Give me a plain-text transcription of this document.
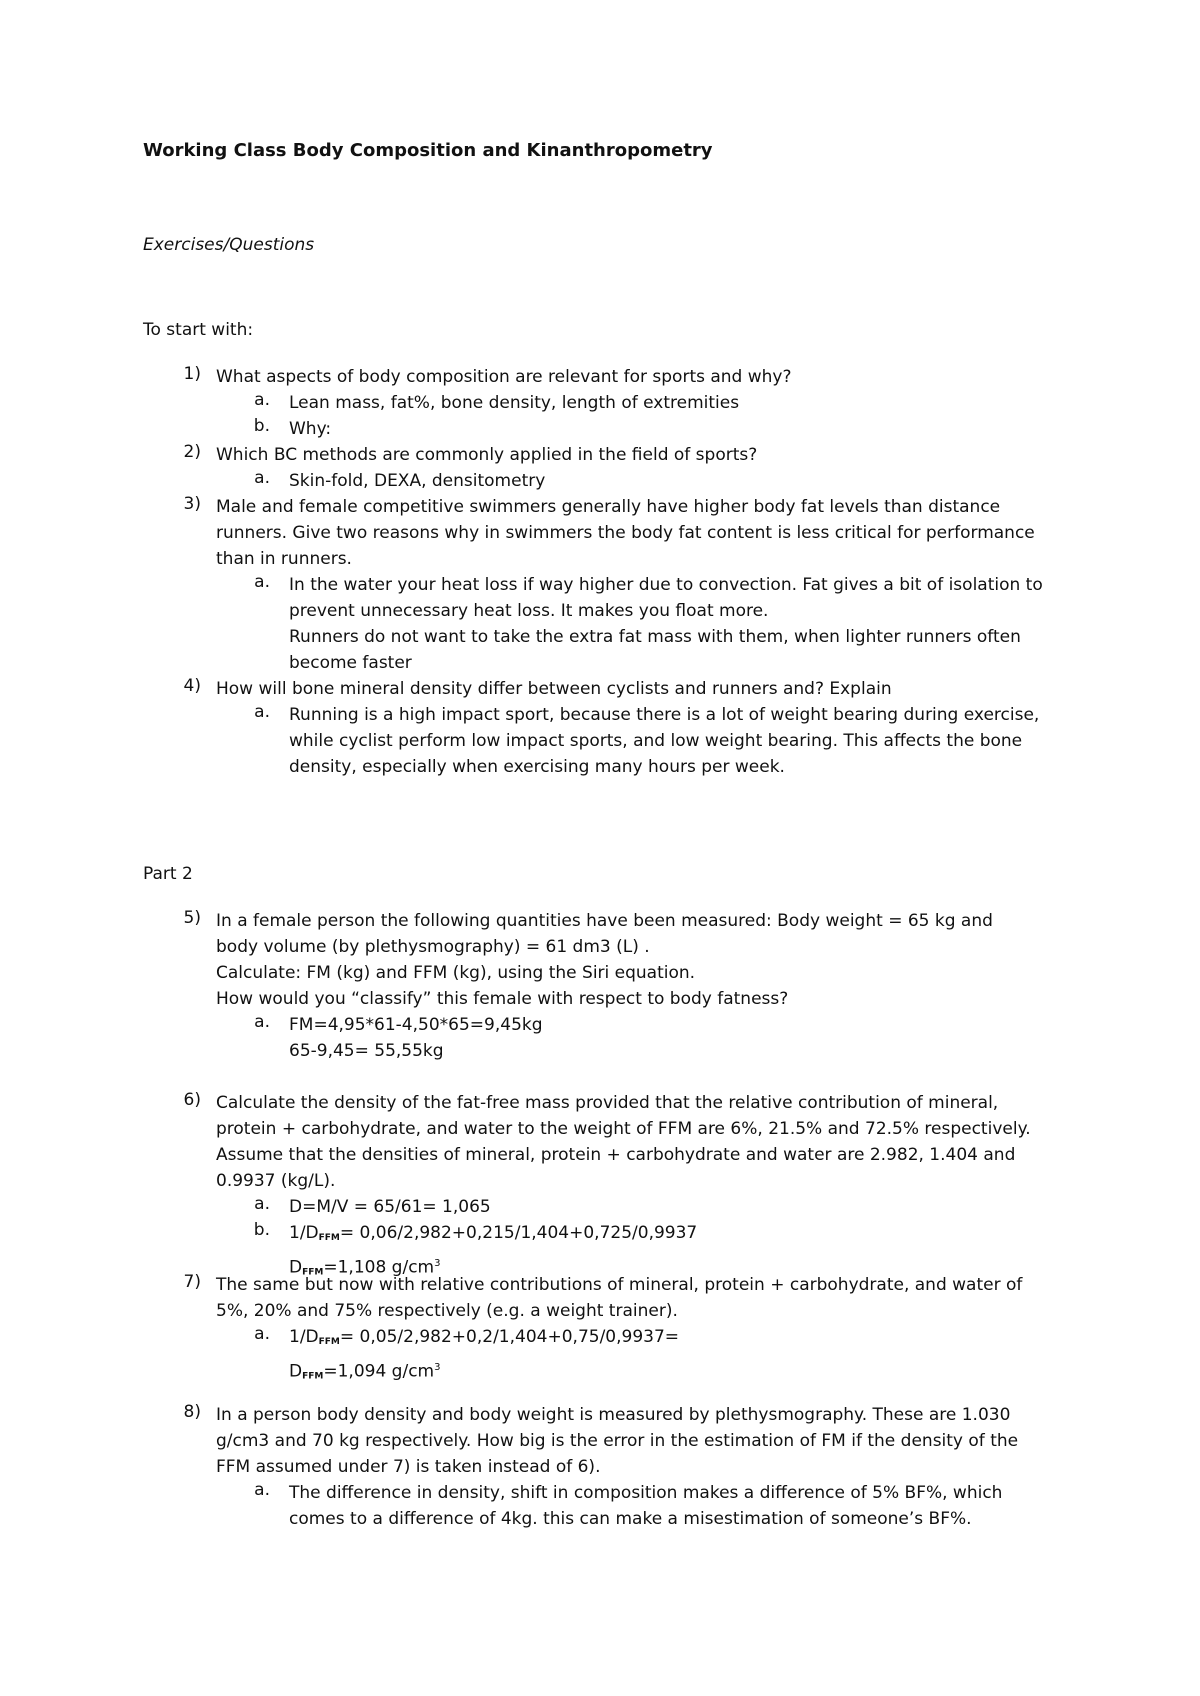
Working Class Body Composition and Kinanthropometry
Exercises/Questions
To start with:
1) What aspects of body composition are relevant for sports and why?
a. Lean mass, fat%, bone density, length of extremities
b. Why:
2) Which BC methods are commonly applied in the field of sports?
a. Skin-fold, DEXA, densitometry
3) Male and female competitive swimmers generally have higher body fat levels than distance
runners. Give two reasons why in swimmers the body fat content is less critical for performance
than in runners.
a. In the water your heat loss if way higher due to convection. Fat gives a bit of isolation to
prevent unnecessary heat loss. It makes you float more.
Runners do not want to take the extra fat mass with them, when lighter runners often
become faster
4) How will bone mineral density differ between cyclists and runners and? Explain
a. Running is a high impact sport, because there is a lot of weight bearing during exercise,
while cyclist perform low impact sports, and low weight bearing. This affects the bone
density, especially when exercising many hours per week.
Part 2
5) In a female person the following quantities have been measured: Body weight = 65 kg and
body volume (by plethysmography) = 61 dm3 (L) .
Calculate: FM (kg) and FFM (kg), using the Siri equation.
How would you “classify” this female with respect to body fatness?
a. FM=4,95*61-4,50*65=9,45kg
65-9,45= 55,55kg
6) Calculate the density of the fat-free mass provided that the relative contribution of mineral,
protein + carbohydrate, and water to the weight of FFM are 6%, 21.5% and 72.5% respectively.
Assume that the densities of mineral, protein + carbohydrate and water are 2.982, 1.404 and
0.9937 (kg/L).
a. D=M/V = 65/61= 1,065
b. $1/D_{FFM}= 0,06/2,982+0,215/1,404+0,725/0,9937$
$D_{FFM}=1,108$ $g/cm^3$
7) The same but now with relative contributions of mineral, protein + carbohydrate, and water of
5%, 20% and 75% respectively (e.g. a weight trainer).
a. $1/D_{FFM}= 0,05/2,982+0,2/1,404+0,75/0,9937=$
$D_{FFM}=1,094$ $g/cm^3$
8) In a person body density and body weight is measured by plethysmography. These are 1.030
g/cm3 and 70 kg respectively. How big is the error in the estimation of FM if the density of the
FFM assumed under 7) is taken instead of 6).
a. The difference in density, shift in composition makes a difference of 5% BF%, which
comes to a difference of 4kg. this can make a misestimation of someone’s BF%.
